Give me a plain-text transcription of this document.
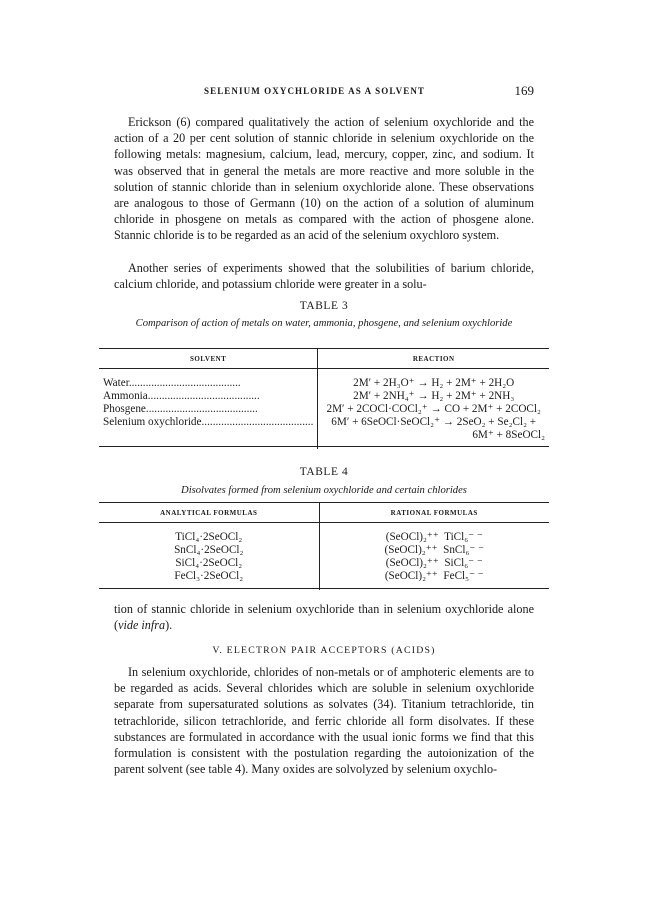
SELENIUM OXYCHLORIDE AS A SOLVENT	169

Erickson (6) compared qualitatively the action of selenium oxychloride and the action of a 20 per cent solution of stannic chloride in selenium oxychloride on the following metals: magnesium, calcium, lead, mercury, copper, zinc, and sodium. It was observed that in general the metals are more reactive and more soluble in the solution of stannic chloride than in selenium oxychloride alone. These observations are analogous to those of Germann (10) on the action of a solution of aluminum chloride in phosgene on metals as compared with the action of phosgene alone. Stannic chloride is to be regarded as an acid of the selenium oxychloro system.

Another series of experiments showed that the solubilities of barium chloride, calcium chloride, and potassium chloride were greater in a solu-

TABLE 3

Comparison of action of metals on water, ammonia, phosgene, and selenium oxychloride

SOLVENT	REACTION
Water........................................	2M′ + 2H₃O⁺ → H₂ + 2M⁺ + 2H₂O
Ammonia........................................	2M′ + 2NH₄⁺ → H₂ + 2M⁺ + 2NH₃
Phosgene........................................	2M′ + 2COCl·COCl₂⁺ → CO + 2M⁺ + 2COCl₂
Selenium oxychloride........................................	6M′ + 6SeOCl·SeOCl₂⁺ → 2SeO₂ + Se₂Cl₂ +
	6M⁺ + 8SeOCl₂

TABLE 4

Disolvates formed from selenium oxychloride and certain chlorides

ANALYTICAL FORMULAS	RATIONAL FORMULAS
TiCl₄·2SeOCl₂	(SeOCl)₂⁺⁺  TiCl₆⁻ ⁻
SnCl₄·2SeOCl₂	(SeOCl)₂⁺⁺  SnCl₆⁻ ⁻
SiCl₄·2SeOCl₂	(SeOCl)₂⁺⁺  SiCl₆⁻ ⁻
FeCl₃·2SeOCl₂	(SeOCl)₂⁺⁺  FeCl₅⁻ ⁻

tion of stannic chloride in selenium oxychloride than in selenium oxychloride alone (vide infra).

V. ELECTRON PAIR ACCEPTORS (ACIDS)

In selenium oxychloride, chlorides of non-metals or of amphoteric elements are to be regarded as acids. Several chlorides which are soluble in selenium oxychloride separate from supersaturated solutions as solvates (34). Titanium tetrachloride, tin tetrachloride, silicon tetrachloride, and ferric chloride all form disolvates. If these substances are formulated in accordance with the usual ionic forms we find that this formulation is consistent with the postulation regarding the autoionization of the parent solvent (see table 4). Many oxides are solvolyzed by selenium oxychlo-
